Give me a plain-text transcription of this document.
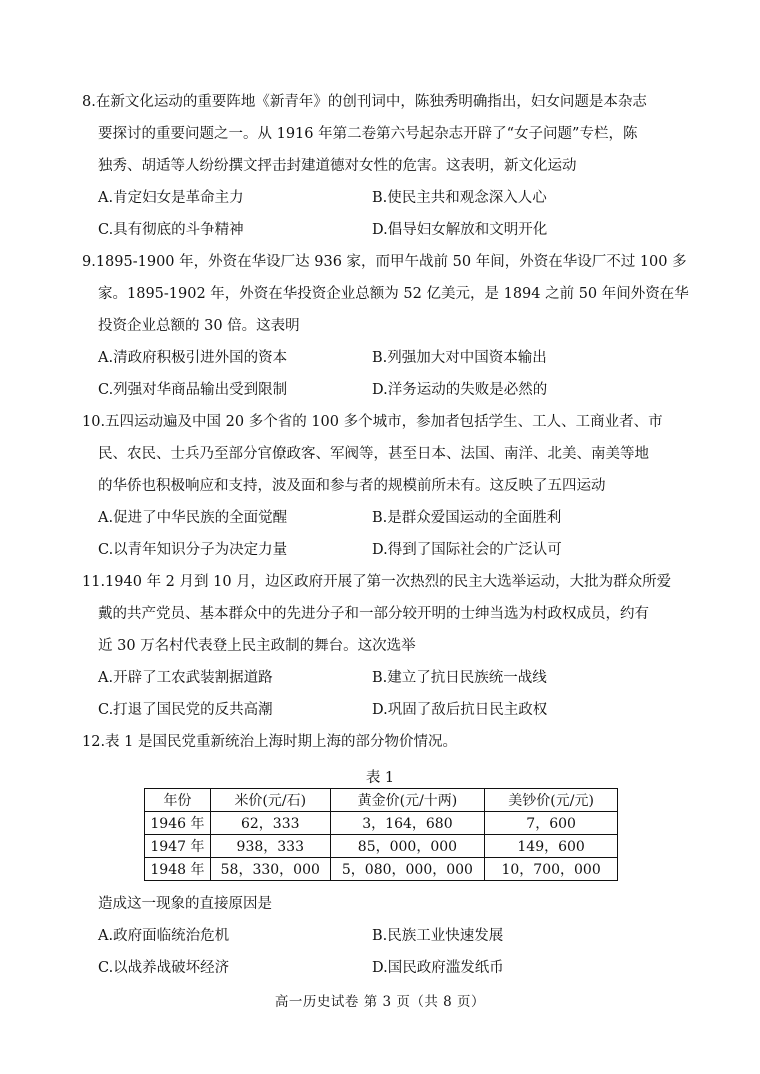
8.在新文化运动的重要阵地《新青年》的创刊词中，陈独秀明确指出，妇女问题是本杂志
要探讨的重要问题之一。从 1916 年第二卷第六号起杂志开辟了“女子问题”专栏，陈
独秀、胡适等人纷纷撰文抨击封建道德对女性的危害。这表明，新文化运动
A.肯定妇女是革命主力	B.使民主共和观念深入人心
C.具有彻底的斗争精神	D.倡导妇女解放和文明开化
9.1895-1900 年，外资在华设厂达 936 家，而甲午战前 50 年间，外资在华设厂不过 100 多
家。1895-1902 年，外资在华投资企业总额为 52 亿美元，是 1894 之前 50 年间外资在华
投资企业总额的 30 倍。这表明
A.清政府积极引进外国的资本	B.列强加大对中国资本输出
C.列强对华商品输出受到限制	D.洋务运动的失败是必然的
10.五四运动遍及中国 20 多个省的 100 多个城市，参加者包括学生、工人、工商业者、市
民、农民、士兵乃至部分官僚政客、军阀等，甚至日本、法国、南洋、北美、南美等地
的华侨也积极响应和支持，波及面和参与者的规模前所未有。这反映了五四运动
A.促进了中华民族的全面觉醒	B.是群众爱国运动的全面胜利
C.以青年知识分子为决定力量	D.得到了国际社会的广泛认可
11.1940 年 2 月到 10 月，边区政府开展了第一次热烈的民主大选举运动，大批为群众所爱
戴的共产党员、基本群众中的先进分子和一部分较开明的士绅当选为村政权成员，约有
近 30 万名村代表登上民主政制的舞台。这次选举
A.开辟了工农武装割据道路	B.建立了抗日民族统一战线
C.打退了国民党的反共高潮	D.巩固了敌后抗日民主政权
12.表 1 是国民党重新统治上海时期上海的部分物价情况。
表 1
年份	米价(元/石)	黄金价(元/十两)	美钞价(元/元)
1946 年	62，333	3，164，680	7，600
1947 年	938，333	85，000，000	149，600
1948 年	58，330，000	5，080，000，000	10，700，000
造成这一现象的直接原因是
A.政府面临统治危机	B.民族工业快速发展
C.以战养战破坏经济	D.国民政府滥发纸币
高一历史试卷 第 3 页（共 8 页）
